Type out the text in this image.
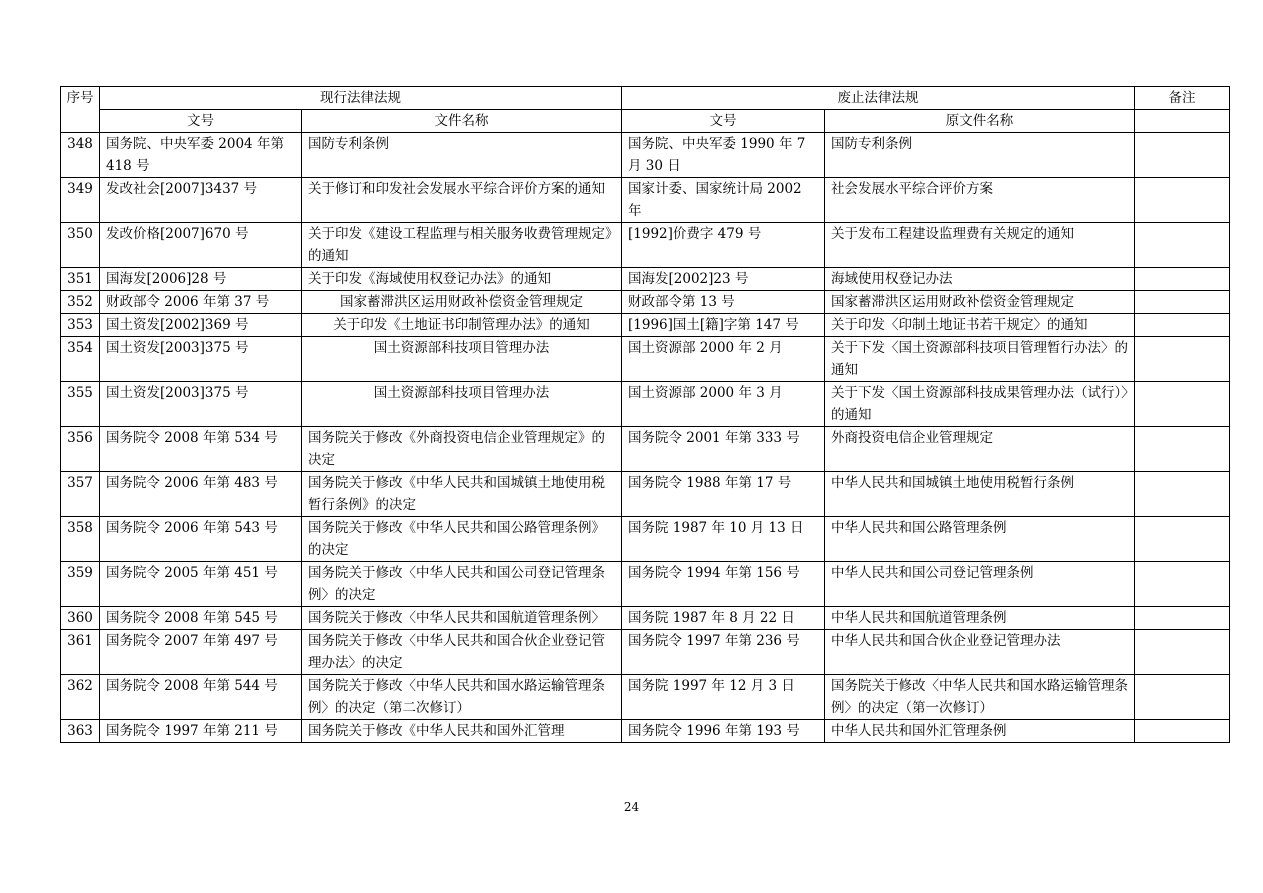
序号	现行法律法规		废止法律法规		备注
	文号	文件名称	文号	原文件名称	
348	国务院、中央军委 2004 年第 418 号	国防专利条例	国务院、中央军委 1990 年 7 月 30 日	国防专利条例	
349	发改社会[2007]3437 号	关于修订和印发社会发展水平综合评价方案的通知	国家计委、国家统计局 2002 年	社会发展水平综合评价方案	
350	发改价格[2007]670 号	关于印发《建设工程监理与相关服务收费管理规定》的通知	[1992]价费字 479 号	关于发布工程建设监理费有关规定的通知	
351	国海发[2006]28 号	关于印发《海域使用权登记办法》的通知	国海发[2002]23 号	海域使用权登记办法	
352	财政部令 2006 年第 37 号	国家蓄滞洪区运用财政补偿资金管理规定	财政部令第 13 号	国家蓄滞洪区运用财政补偿资金管理规定	
353	国土资发[2002]369 号	关于印发《土地证书印制管理办法》的通知	[1996]国土[籍]字第 147 号	关于印发〈印制土地证书若干规定〉的通知	
354	国土资发[2003]375 号	国土资源部科技项目管理办法	国土资源部 2000 年 2 月	关于下发〈国土资源部科技项目管理暂行办法〉的通知	
355	国土资发[2003]375 号	国土资源部科技项目管理办法	国土资源部 2000 年 3 月	关于下发〈国土资源部科技成果管理办法（试行）〉的通知	
356	国务院令 2008 年第 534 号	国务院关于修改《外商投资电信企业管理规定》的决定	国务院令 2001 年第 333 号	外商投资电信企业管理规定	
357	国务院令 2006 年第 483 号	国务院关于修改《中华人民共和国城镇土地使用税暂行条例》的决定	国务院令 1988 年第 17 号	中华人民共和国城镇土地使用税暂行条例	
358	国务院令 2006 年第 543 号	国务院关于修改《中华人民共和国公路管理条例》的决定	国务院 1987 年 10 月 13 日	中华人民共和国公路管理条例	
359	国务院令 2005 年第 451 号	国务院关于修改〈中华人民共和国公司登记管理条例〉的决定	国务院令 1994 年第 156 号	中华人民共和国公司登记管理条例	
360	国务院令 2008 年第 545 号	国务院关于修改〈中华人民共和国航道管理条例〉	国务院 1987 年 8 月 22 日	中华人民共和国航道管理条例	
361	国务院令 2007 年第 497 号	国务院关于修改〈中华人民共和国合伙企业登记管理办法〉的决定	国务院令 1997 年第 236 号	中华人民共和国合伙企业登记管理办法	
362	国务院令 2008 年第 544 号	国务院关于修改〈中华人民共和国水路运输管理条例〉的决定（第二次修订）	国务院 1997 年 12 月 3 日	国务院关于修改〈中华人民共和国水路运输管理条例〉的决定（第一次修订）	
363	国务院令 1997 年第 211 号	国务院关于修改《中华人民共和国外汇管理	国务院令 1996 年第 193 号	中华人民共和国外汇管理条例	
24
